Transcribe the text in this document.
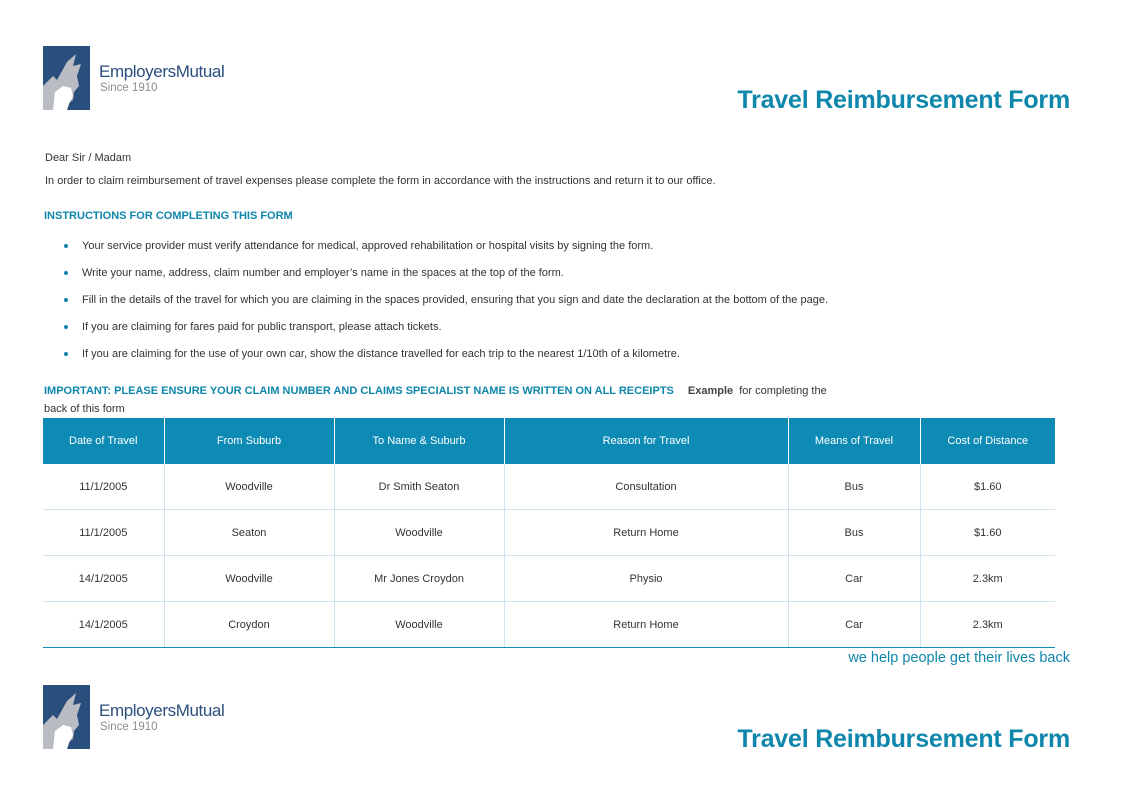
EmployersMutual
Since 1910	Travel Reimbursement Form
Dear Sir / Madam
In order to claim reimbursement of travel expenses please complete the form in accordance with the instructions and return it to our office.
INSTRUCTIONS FOR COMPLETING THIS FORM
Your service provider must verify attendance for medical, approved rehabilitation or hospital visits by signing the form.
Write your name, address, claim number and employer’s name in the spaces at the top of the form.
Fill in the details of the travel for which you are claiming in the spaces provided, ensuring that you sign and date the declaration at the bottom of the page.
If you are claiming for fares paid for public transport, please attach tickets.
If you are claiming for the use of your own car, show the distance travelled for each trip to the nearest 1/10th of a kilometre.
IMPORTANT: PLEASE ENSURE YOUR CLAIM NUMBER AND CLAIMS SPECIALIST NAME IS WRITTEN ON ALL RECEIPTS Example for completing the back of this form
Date of Travel	From Suburb	To Name & Suburb	Reason for Travel	Means of Travel	Cost of Distance
11/1/2005	Woodville	Dr Smith Seaton	Consultation	Bus	$1.60
11/1/2005	Seaton	Woodville	Return Home	Bus	$1.60
14/1/2005	Woodville	Mr Jones Croydon	Physio	Car	2.3km
14/1/2005	Croydon	Woodville	Return Home	Car	2.3km
we help people get their lives back
EmployersMutual
Since 1910	Travel Reimbursement Form
